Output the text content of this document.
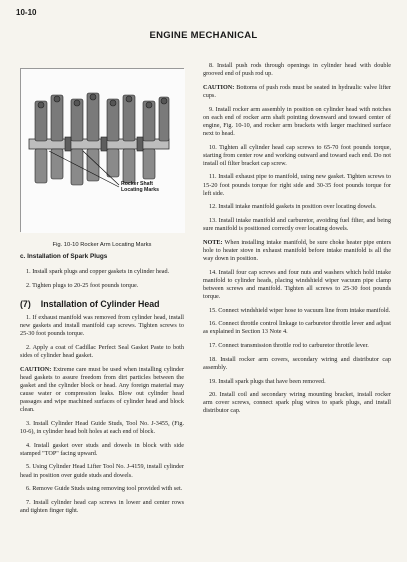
10-10
ENGINE MECHANICAL
Rocker Shaft
Locating Marks
Fig. 10-10 Rocker Arm Locating Marks
c. Installation of Spark Plugs

1. Install spark plugs and copper gaskets in cylinder head.

2. Tighten plugs to 20-25 foot pounds torque.

(7) Installation of Cylinder Head

1. If exhaust manifold was removed from cylinder head, install new gaskets and install manifold cap screws. Tighten screws to 25-30 foot pounds torque.

2. Apply a coat of Cadillac Perfect Seal Gasket Paste to both sides of cylinder head gasket.

CAUTION: Extreme care must be used when installing cylinder head gaskets to assure freedom from dirt particles between the gasket and the cylinder block or head. Any foreign material may cause water or compression leaks. Blow out cylinder head passages and wipe machined surfaces of cylinder head and block clean.

3. Install Cylinder Head Guide Studs, Tool No. J-3455, (Fig. 10-6), in cylinder head bolt holes at each end of block.

4. Install gasket over studs and dowels in block with side stamped "TOP" facing upward.

5. Using Cylinder Head Lifter Tool No. J-4159, install cylinder head in position over guide studs and dowels.

6. Remove Guide Studs using removing tool provided with set.

7. Install cylinder head cap screws in lower and center rows and tighten finger tight.

8. Install push rods through openings in cylinder head with double grooved end of push rod up.

CAUTION: Bottoms of push rods must be seated in hydraulic valve lifter cups.

9. Install rocker arm assembly in position on cylinder head with notches on each end of rocker arm shaft pointing downward and toward center of engine, Fig. 10-10, and rocker arm brackets with larger machined surface next to head.

10. Tighten all cylinder head cap screws to 65-70 foot pounds torque, starting from center row and working outward and toward each end. Do not install oil filter bracket cap screw.

11. Install exhaust pipe to manifold, using new gasket. Tighten screws to 15-20 foot pounds torque for right side and 30-35 foot pounds torque for left side.

12. Install intake manifold gaskets in position over locating dowels.

13. Install intake manifold and carburetor, avoiding fuel filter, and being sure manifold is positioned correctly over locating dowels.

NOTE: When installing intake manifold, be sure choke heater pipe enters hole to heater stove in exhaust manifold before intake manifold is all the way down in position.

14. Install four cap screws and four nuts and washers which hold intake manifold to cylinder heads, placing windshield wiper vacuum pipe clamp between screws and manifold. Tighten all screws to 25-30 foot pounds torque.

15. Connect windshield wiper hose to vacuum line from intake manifold.

16. Connect throttle control linkage to carburetor throttle lever and adjust as explained in Section 13 Note 4.

17. Connect transmission throttle rod to carburetor throttle lever.

18. Install rocker arm covers, secondary wiring and distributor cap assembly.

19. Install spark plugs that have been removed.

20. Install coil and secondary wiring mounting bracket, install rocker arm cover screws, connect spark plug wires to spark plugs, and install distributor cap.
